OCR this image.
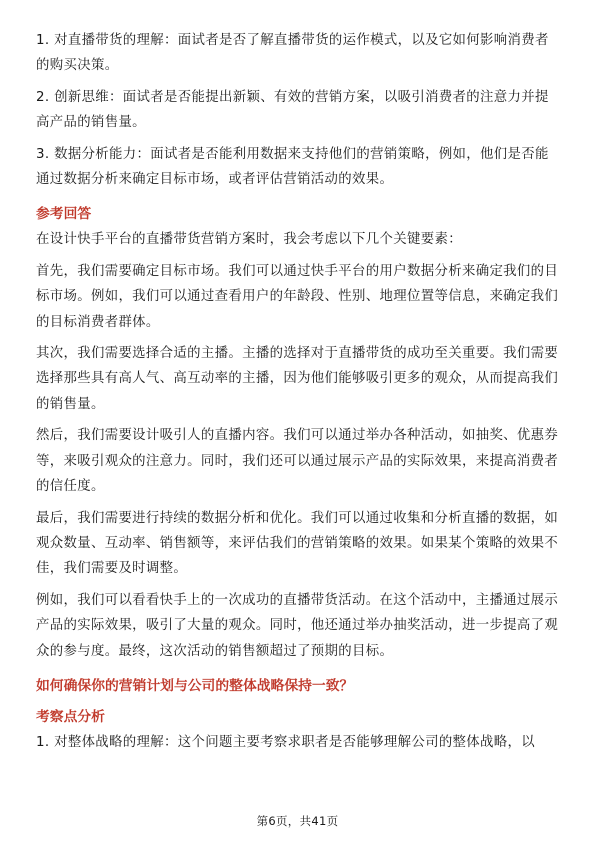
1. 对直播带货的理解：面试者是否了解直播带货的运作模式，以及它如何影响消费者的购买决策。

2. 创新思维：面试者是否能提出新颖、有效的营销方案，以吸引消费者的注意力并提高产品的销售量。

3. 数据分析能力：面试者是否能利用数据来支持他们的营销策略，例如，他们是否能通过数据分析来确定目标市场，或者评估营销活动的效果。

参考回答

在设计快手平台的直播带货营销方案时，我会考虑以下几个关键要素：

首先，我们需要确定目标市场。我们可以通过快手平台的用户数据分析来确定我们的目标市场。例如，我们可以通过查看用户的年龄段、性别、地理位置等信息，来确定我们的目标消费者群体。

其次，我们需要选择合适的主播。主播的选择对于直播带货的成功至关重要。我们需要选择那些具有高人气、高互动率的主播，因为他们能够吸引更多的观众，从而提高我们的销售量。

然后，我们需要设计吸引人的直播内容。我们可以通过举办各种活动，如抽奖、优惠券等，来吸引观众的注意力。同时，我们还可以通过展示产品的实际效果，来提高消费者的信任度。

最后，我们需要进行持续的数据分析和优化。我们可以通过收集和分析直播的数据，如观众数量、互动率、销售额等，来评估我们的营销策略的效果。如果某个策略的效果不佳，我们需要及时调整。

例如，我们可以看看快手上的一次成功的直播带货活动。在这个活动中，主播通过展示产品的实际效果，吸引了大量的观众。同时，他还通过举办抽奖活动，进一步提高了观众的参与度。最终，这次活动的销售额超过了预期的目标。

如何确保你的营销计划与公司的整体战略保持一致？

考察点分析

1. 对整体战略的理解：这个问题主要考察求职者是否能够理解公司的整体战略，以

第6页，共41页
